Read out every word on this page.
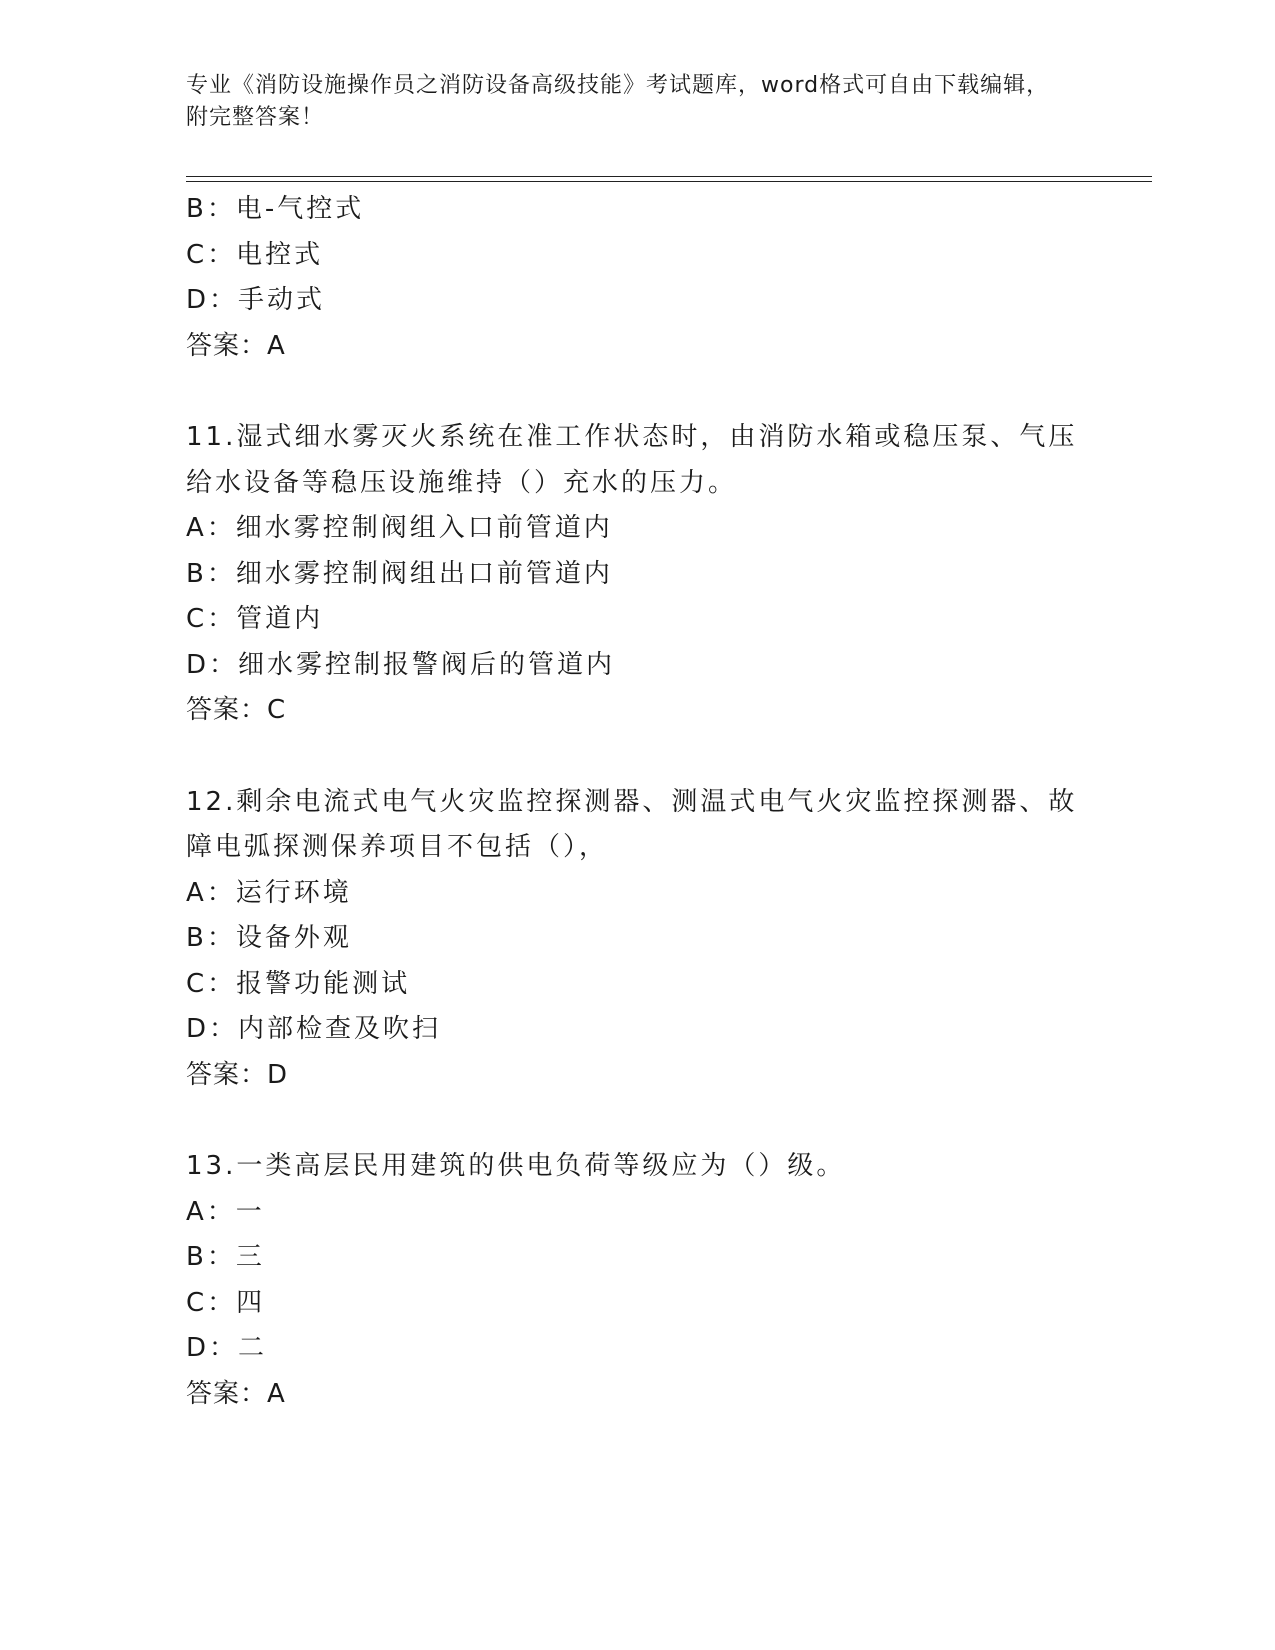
专业《消防设施操作员之消防设备高级技能》考试题库，word格式可自由下载编辑，附完整答案！
B：电-气控式
C：电控式
D：手动式
答案：A
11.湿式细水雾灭火系统在准工作状态时，由消防水箱或稳压泵、气压
给水设备等稳压设施维持（）充水的压力。
A：细水雾控制阀组入口前管道内
B：细水雾控制阀组出口前管道内
C：管道内
D：细水雾控制报警阀后的管道内
答案：C
12.剩余电流式电气火灾监控探测器、测温式电气火灾监控探测器、故
障电弧探测保养项目不包括（），
A：运行环境
B：设备外观
C：报警功能测试
D：内部检查及吹扫
答案：D
13.一类高层民用建筑的供电负荷等级应为（）级。
A：一
B：三
C：四
D：二
答案：A
